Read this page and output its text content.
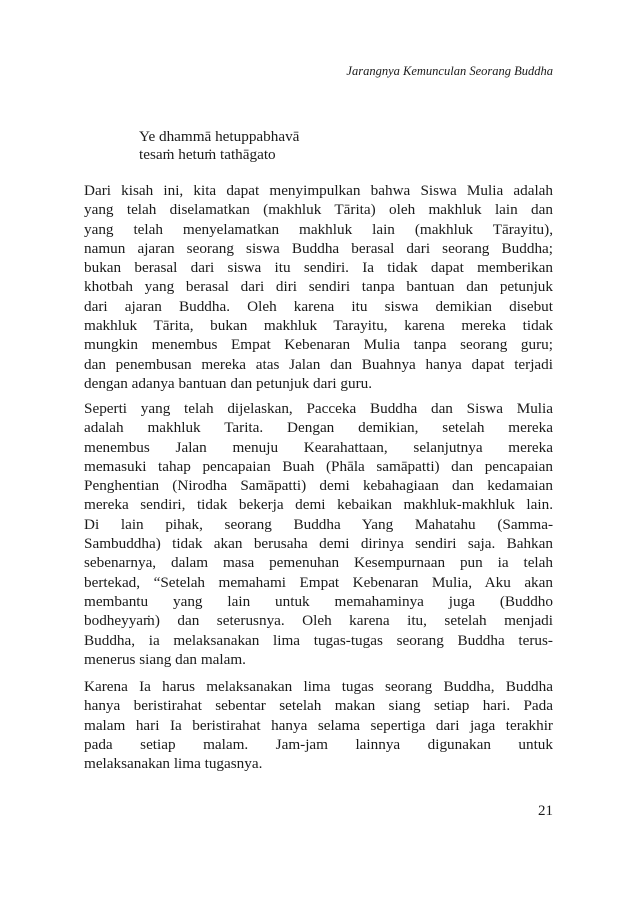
Jarangnya Kemunculan Seorang Buddha
Ye dhammā hetuppabhavā
tesaṁ hetuṁ tathāgato
Dari kisah ini, kita dapat menyimpulkan bahwa Siswa Mulia adalah
yang telah diselamatkan (makhluk Tārita) oleh makhluk lain dan
yang telah menyelamatkan makhluk lain (makhluk Tārayitu),
namun ajaran seorang siswa Buddha berasal dari seorang Buddha;
bukan berasal dari siswa itu sendiri. Ia tidak dapat memberikan
khotbah yang berasal dari diri sendiri tanpa bantuan dan petunjuk
dari ajaran Buddha. Oleh karena itu siswa demikian disebut
makhluk Tārita, bukan makhluk Tarayitu, karena mereka tidak
mungkin menembus Empat Kebenaran Mulia tanpa seorang guru;
dan penembusan mereka atas Jalan dan Buahnya hanya dapat terjadi
dengan adanya bantuan dan petunjuk dari guru.
Seperti yang telah dijelaskan, Pacceka Buddha dan Siswa Mulia
adalah makhluk Tarita. Dengan demikian, setelah mereka
menembus Jalan menuju Kearahattaan, selanjutnya mereka
memasuki tahap pencapaian Buah (Phāla samāpatti) dan pencapaian
Penghentian (Nirodha Samāpatti) demi kebahagiaan dan kedamaian
mereka sendiri, tidak bekerja demi kebaikan makhluk-makhluk lain.
Di lain pihak, seorang Buddha Yang Mahatahu (Samma-
Sambuddha) tidak akan berusaha demi dirinya sendiri saja. Bahkan
sebenarnya, dalam masa pemenuhan Kesempurnaan pun ia telah
bertekad, “Setelah memahami Empat Kebenaran Mulia, Aku akan
membantu yang lain untuk memahaminya juga (Buddho
bodheyyaṁ) dan seterusnya. Oleh karena itu, setelah menjadi
Buddha, ia melaksanakan lima tugas-tugas seorang Buddha terus-
menerus siang dan malam.
Karena Ia harus melaksanakan lima tugas seorang Buddha, Buddha
hanya beristirahat sebentar setelah makan siang setiap hari. Pada
malam hari Ia beristirahat hanya selama sepertiga dari jaga terakhir
pada setiap malam. Jam-jam lainnya digunakan untuk
melaksanakan lima tugasnya.
21
